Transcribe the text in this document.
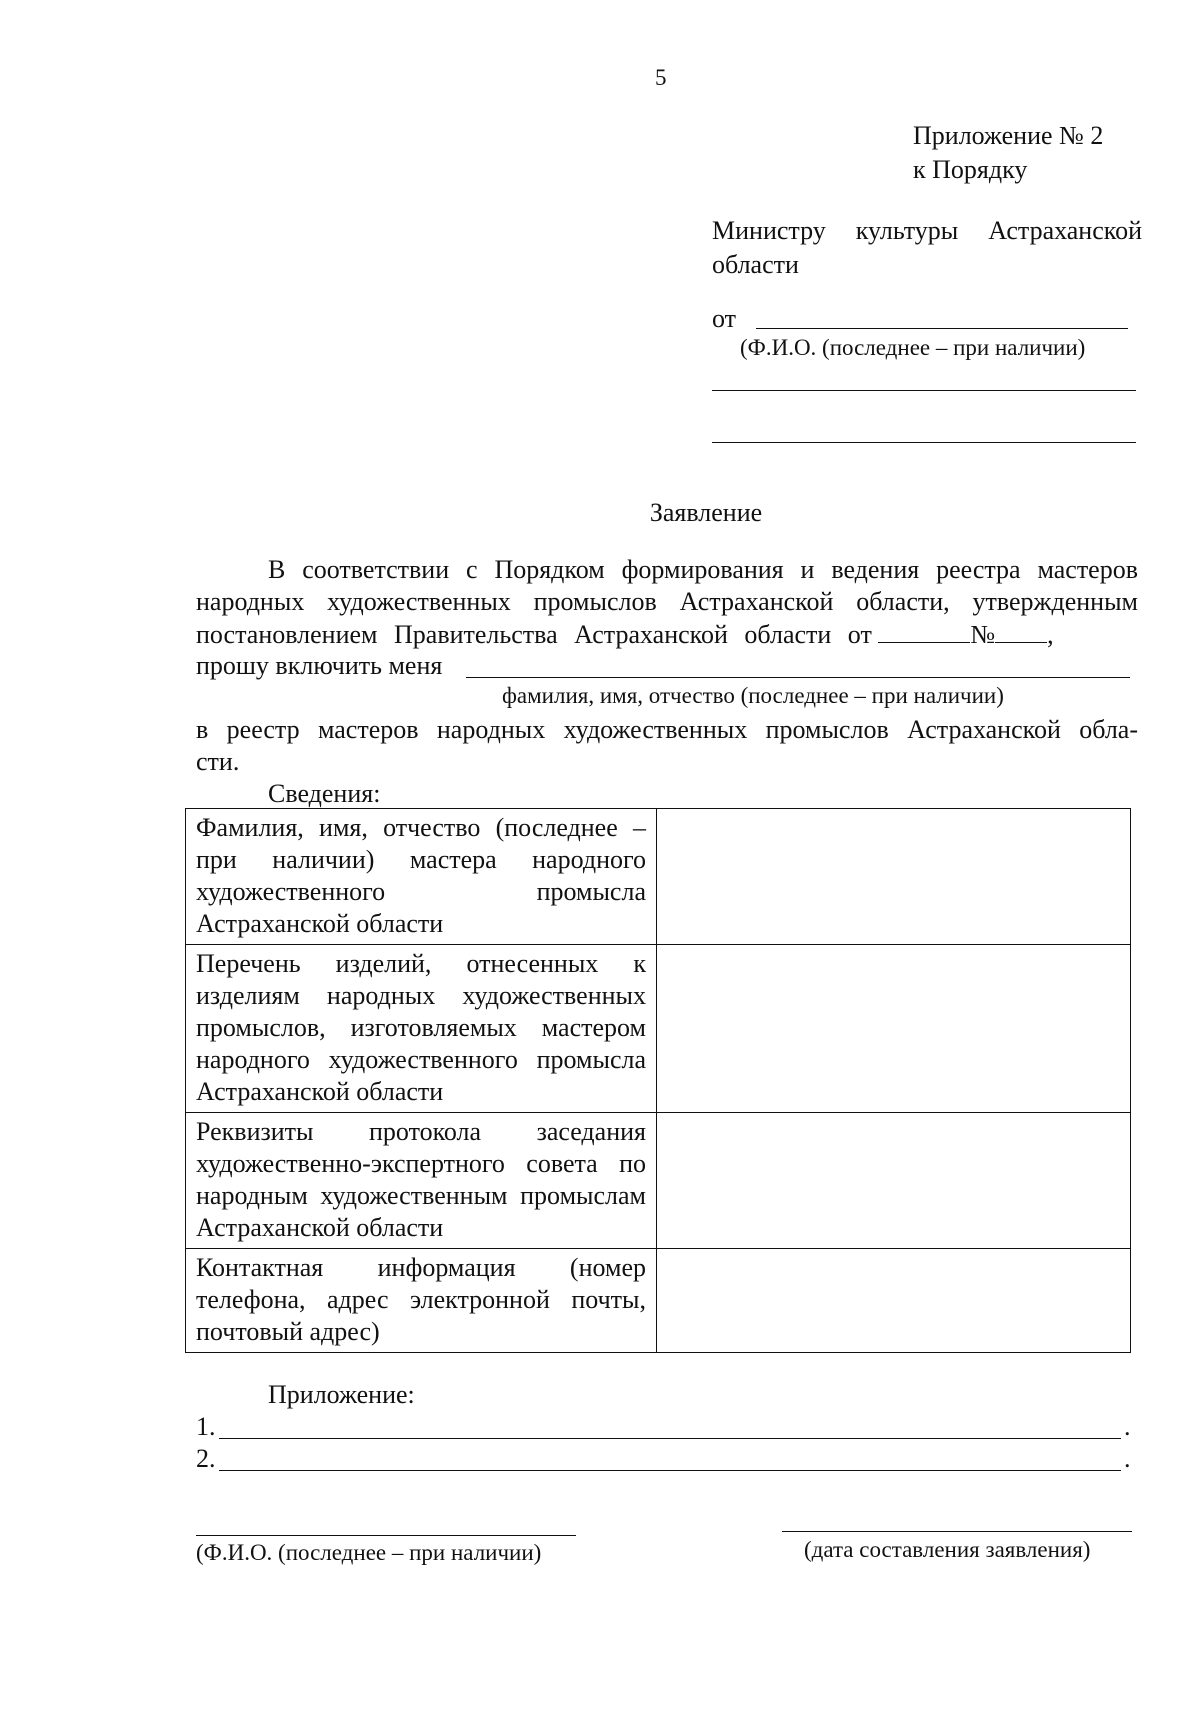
5
Приложение № 2
к Порядку
Министру культуры Астраханской
области
от
(Ф.И.О. (последнее – при наличии)
Заявление
В соответствии с Порядком формирования и ведения реестра мастеров
народных художественных промыслов Астраханской области, утвержденным
постановлением Правительства Астраханской области от	№ ,
прошу включить меня
фамилия, имя, отчество (последнее – при наличии)
в реестр мастеров народных художественных промыслов Астраханской обла-
сти.
Сведения:
Фамилия, имя, отчество (последнее – при наличии) мастера народного художественного промысла Астраханской области	

Перечень изделий, отнесенных к изделиям народных художественных промыслов, изготовляемых мастером народного художественного промысла Астраханской области	

Реквизиты протокола заседания художественно-экспертного совета по народным художественным промыслам Астраханской области	

Контактная информация (номер телефона, адрес электронной почты, почтовый адрес)	

Приложение:
1.	.
2.	.
(Ф.И.О. (последнее – при наличии)	(дата составления заявления)
